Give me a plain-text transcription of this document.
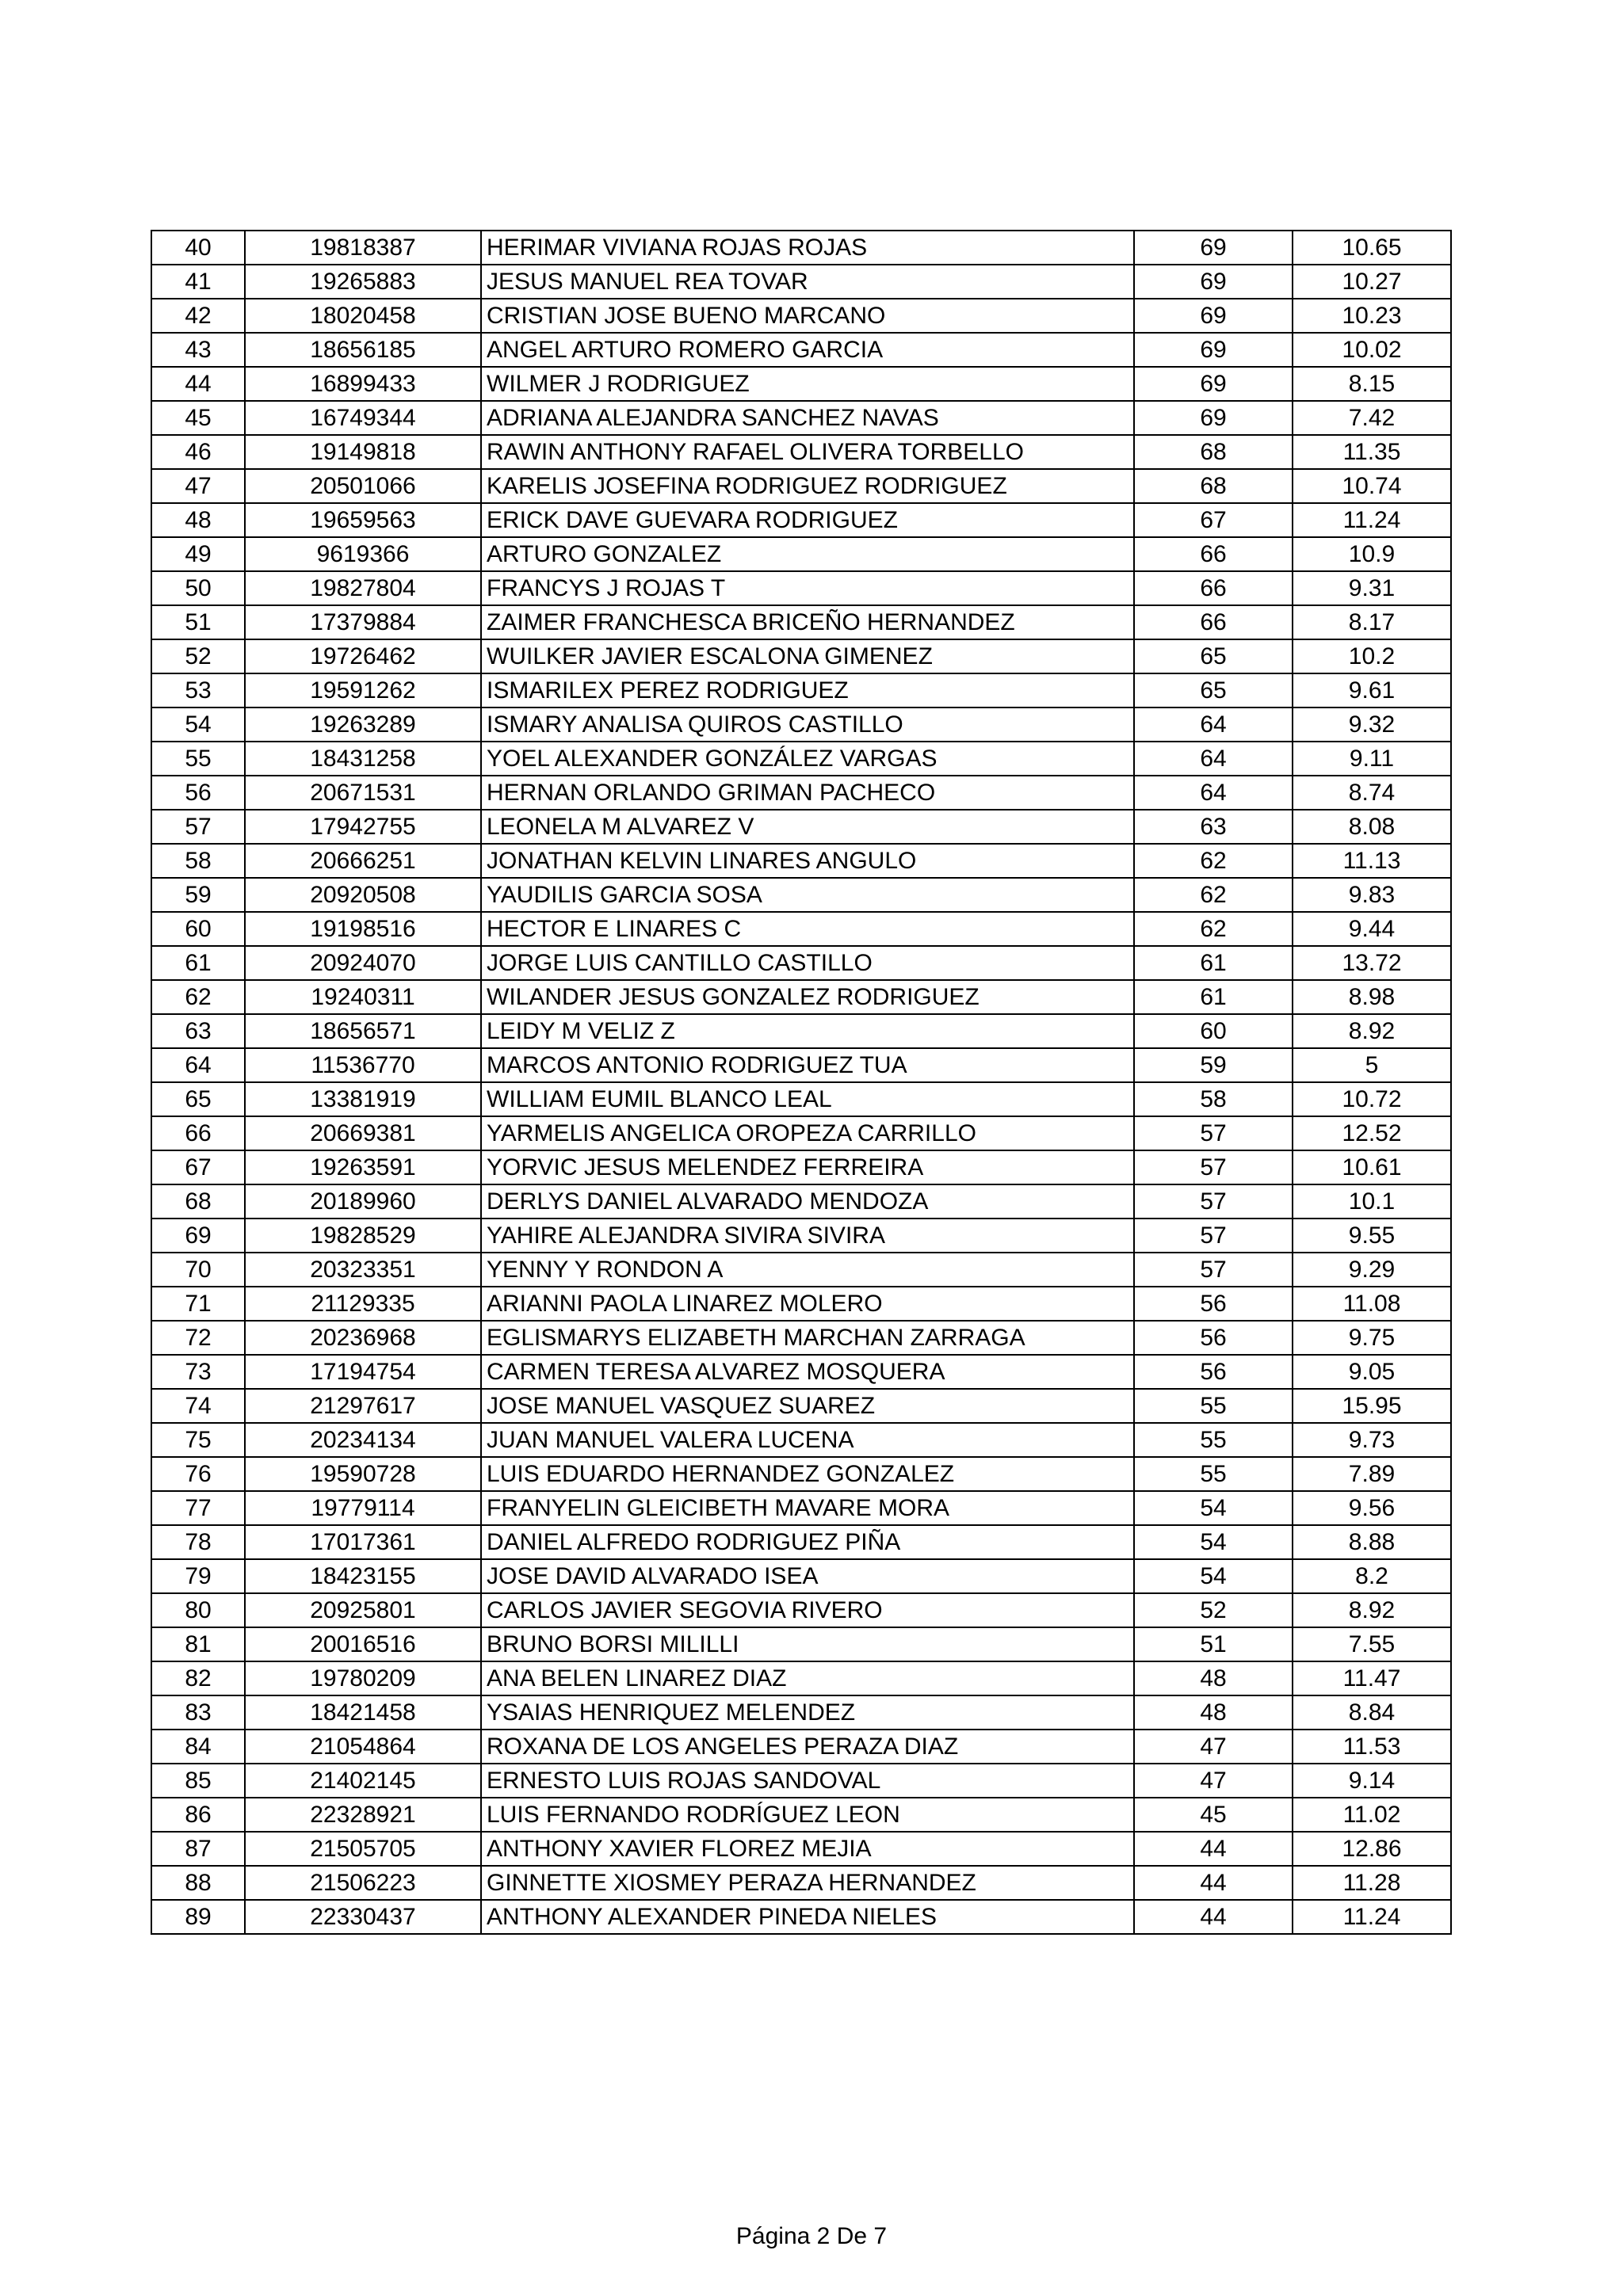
40	19818387	HERIMAR VIVIANA ROJAS ROJAS	69	10.65
41	19265883	JESUS MANUEL REA TOVAR	69	10.27
42	18020458	CRISTIAN JOSE BUENO MARCANO	69	10.23
43	18656185	ANGEL ARTURO ROMERO GARCIA	69	10.02
44	16899433	WILMER J RODRIGUEZ	69	8.15
45	16749344	ADRIANA ALEJANDRA SANCHEZ NAVAS	69	7.42
46	19149818	RAWIN ANTHONY RAFAEL OLIVERA TORBELLO	68	11.35
47	20501066	KARELIS JOSEFINA RODRIGUEZ RODRIGUEZ	68	10.74
48	19659563	ERICK DAVE GUEVARA RODRIGUEZ	67	11.24
49	9619366	ARTURO GONZALEZ	66	10.9
50	19827804	FRANCYS J ROJAS T	66	9.31
51	17379884	ZAIMER FRANCHESCA BRICEÑO HERNANDEZ	66	8.17
52	19726462	WUILKER JAVIER ESCALONA GIMENEZ	65	10.2
53	19591262	ISMARILEX PEREZ RODRIGUEZ	65	9.61
54	19263289	ISMARY ANALISA QUIROS CASTILLO	64	9.32
55	18431258	YOEL ALEXANDER GONZÁLEZ VARGAS	64	9.11
56	20671531	HERNAN ORLANDO GRIMAN PACHECO	64	8.74
57	17942755	LEONELA M ALVAREZ V	63	8.08
58	20666251	JONATHAN KELVIN LINARES ANGULO	62	11.13
59	20920508	YAUDILIS GARCIA SOSA	62	9.83
60	19198516	HECTOR E LINARES C	62	9.44
61	20924070	JORGE LUIS CANTILLO CASTILLO	61	13.72
62	19240311	WILANDER JESUS GONZALEZ RODRIGUEZ	61	8.98
63	18656571	LEIDY M VELIZ Z	60	8.92
64	11536770	MARCOS ANTONIO RODRIGUEZ TUA	59	5
65	13381919	WILLIAM EUMIL BLANCO LEAL	58	10.72
66	20669381	YARMELIS ANGELICA OROPEZA CARRILLO	57	12.52
67	19263591	YORVIC JESUS MELENDEZ FERREIRA	57	10.61
68	20189960	DERLYS DANIEL ALVARADO MENDOZA	57	10.1
69	19828529	YAHIRE ALEJANDRA SIVIRA SIVIRA	57	9.55
70	20323351	YENNY Y RONDON A	57	9.29
71	21129335	ARIANNI PAOLA LINAREZ MOLERO	56	11.08
72	20236968	EGLISMARYS ELIZABETH MARCHAN ZARRAGA	56	9.75
73	17194754	CARMEN TERESA ALVAREZ MOSQUERA	56	9.05
74	21297617	JOSE MANUEL VASQUEZ SUAREZ	55	15.95
75	20234134	JUAN MANUEL VALERA LUCENA	55	9.73
76	19590728	LUIS EDUARDO HERNANDEZ GONZALEZ	55	7.89
77	19779114	FRANYELIN GLEICIBETH MAVARE MORA	54	9.56
78	17017361	DANIEL ALFREDO RODRIGUEZ PIÑA	54	8.88
79	18423155	JOSE DAVID ALVARADO ISEA	54	8.2
80	20925801	CARLOS JAVIER SEGOVIA RIVERO	52	8.92
81	20016516	BRUNO BORSI MILILLI	51	7.55
82	19780209	ANA BELEN LINAREZ DIAZ	48	11.47
83	18421458	YSAIAS HENRIQUEZ MELENDEZ	48	8.84
84	21054864	ROXANA DE LOS ANGELES PERAZA DIAZ	47	11.53
85	21402145	ERNESTO LUIS ROJAS SANDOVAL	47	9.14
86	22328921	LUIS FERNANDO RODRÍGUEZ LEON	45	11.02
87	21505705	ANTHONY XAVIER FLOREZ MEJIA	44	12.86
88	21506223	GINNETTE XIOSMEY PERAZA HERNANDEZ	44	11.28
89	22330437	ANTHONY ALEXANDER PINEDA NIELES	44	11.24
Página 2 De 7
